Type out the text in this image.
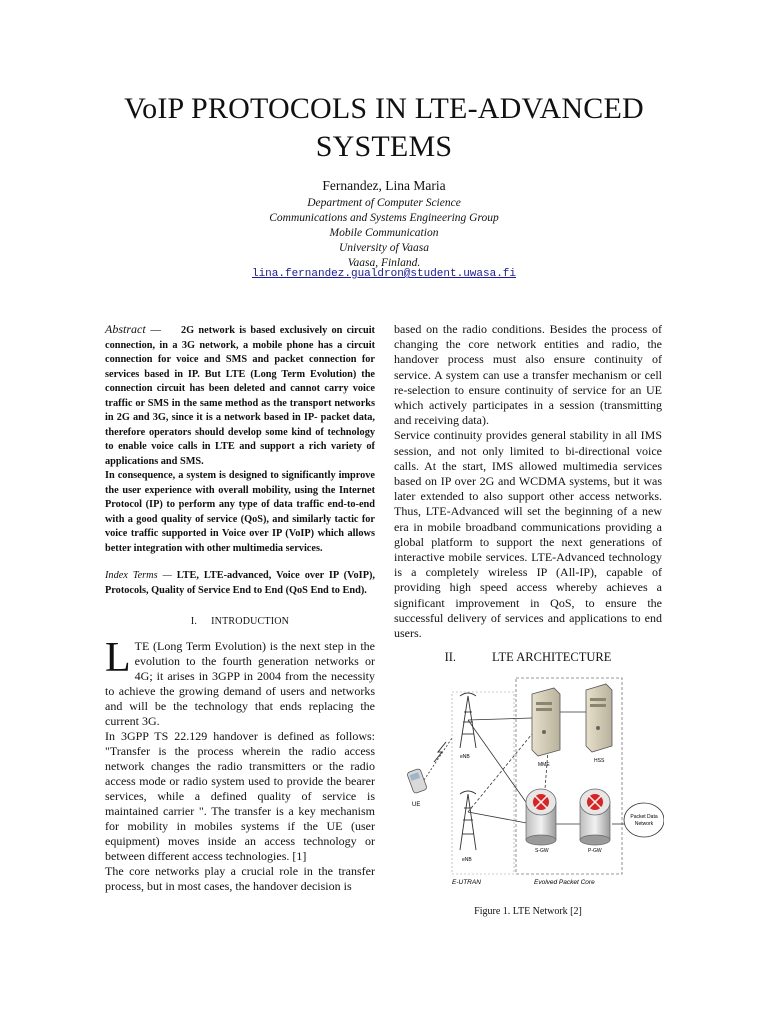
VoIP PROTOCOLS IN LTE-ADVANCED
SYSTEMS
Fernandez, Lina Maria
Department of Computer Science
Communications and Systems Engineering Group
Mobile Communication
University of Vaasa
Vaasa, Finland.
lina.fernandez.gualdron@student.uwasa.fi

Abstract — 2G network is based exclusively on circuit connection, in a 3G network, a mobile phone has a circuit connection for voice and SMS and packet connection for services based in IP. But LTE (Long Term Evolution) the connection circuit has been deleted and cannot carry voice traffic or SMS in the same method as the transport networks in 2G and 3G, since it is a network based in IP- packet data, therefore operators should develop some kind of technology to enable voice calls in LTE and support a rich variety of applications and SMS.

In consequence, a system is designed to significantly improve the user experience with overall mobility, using the Internet Protocol (IP) to perform any type of data traffic end-to-end with a good quality of service (QoS), and similarly tactic for voice traffic supported in Voice over IP (VoIP) which allows better integration with other multimedia services.

Index Terms — LTE, LTE-advanced, Voice over IP (VoIP), Protocols, Quality of Service End to End (QoS End to End).
I. INTRODUCTION

LTE (Long Term Evolution) is the next step in the evolution to the fourth generation networks or 4G; it arises in 3GPP in 2004 from the necessity to achieve the growing demand of users and networks and will be the technology that ends replacing the current 3G.

In 3GPP TS 22.129 handover is defined as follows: "Transfer is the process wherein the radio access network changes the radio transmitters or the radio access mode or radio system used to provide the bearer services, while a defined quality of service is maintained carrier ". The transfer is a key mechanism for mobility in mobiles systems if the UE (user equipment) moves inside an access technology or between different access technologies. [1]

The core networks play a crucial role in the transfer process, but in most cases, the handover decision is

based on the radio conditions. Besides the process of changing the core network entities and radio, the handover process must also ensure continuity of service. A system can use a transfer mechanism or cell re-selection to ensure continuity of service for an UE which actively participates in a session (transmitting and receiving data).

Service continuity provides general stability in all IMS session, and not only limited to bi-directional voice calls. At the start, IMS allowed multimedia services based on IP over 2G and WCDMA systems, but it was later extended to also support other access networks. Thus, LTE-Advanced will set the beginning of a new era in mobile broadband communications providing a global platform to support the next generations of interactive mobile services. LTE-Advanced technology is a completely wireless IP (All-IP), capable of providing high speed access whereby achieves a significant improvement in QoS, to ensure the successful delivery of services and applications to end users.

II.	LTE ARCHITECTURE
UE
eNB
eNB
MME
HSS
S-GW	P-GW
Packet Data
Network
E-UTRAN	Evolved Packet Core
Figure 1. LTE Network [2]
